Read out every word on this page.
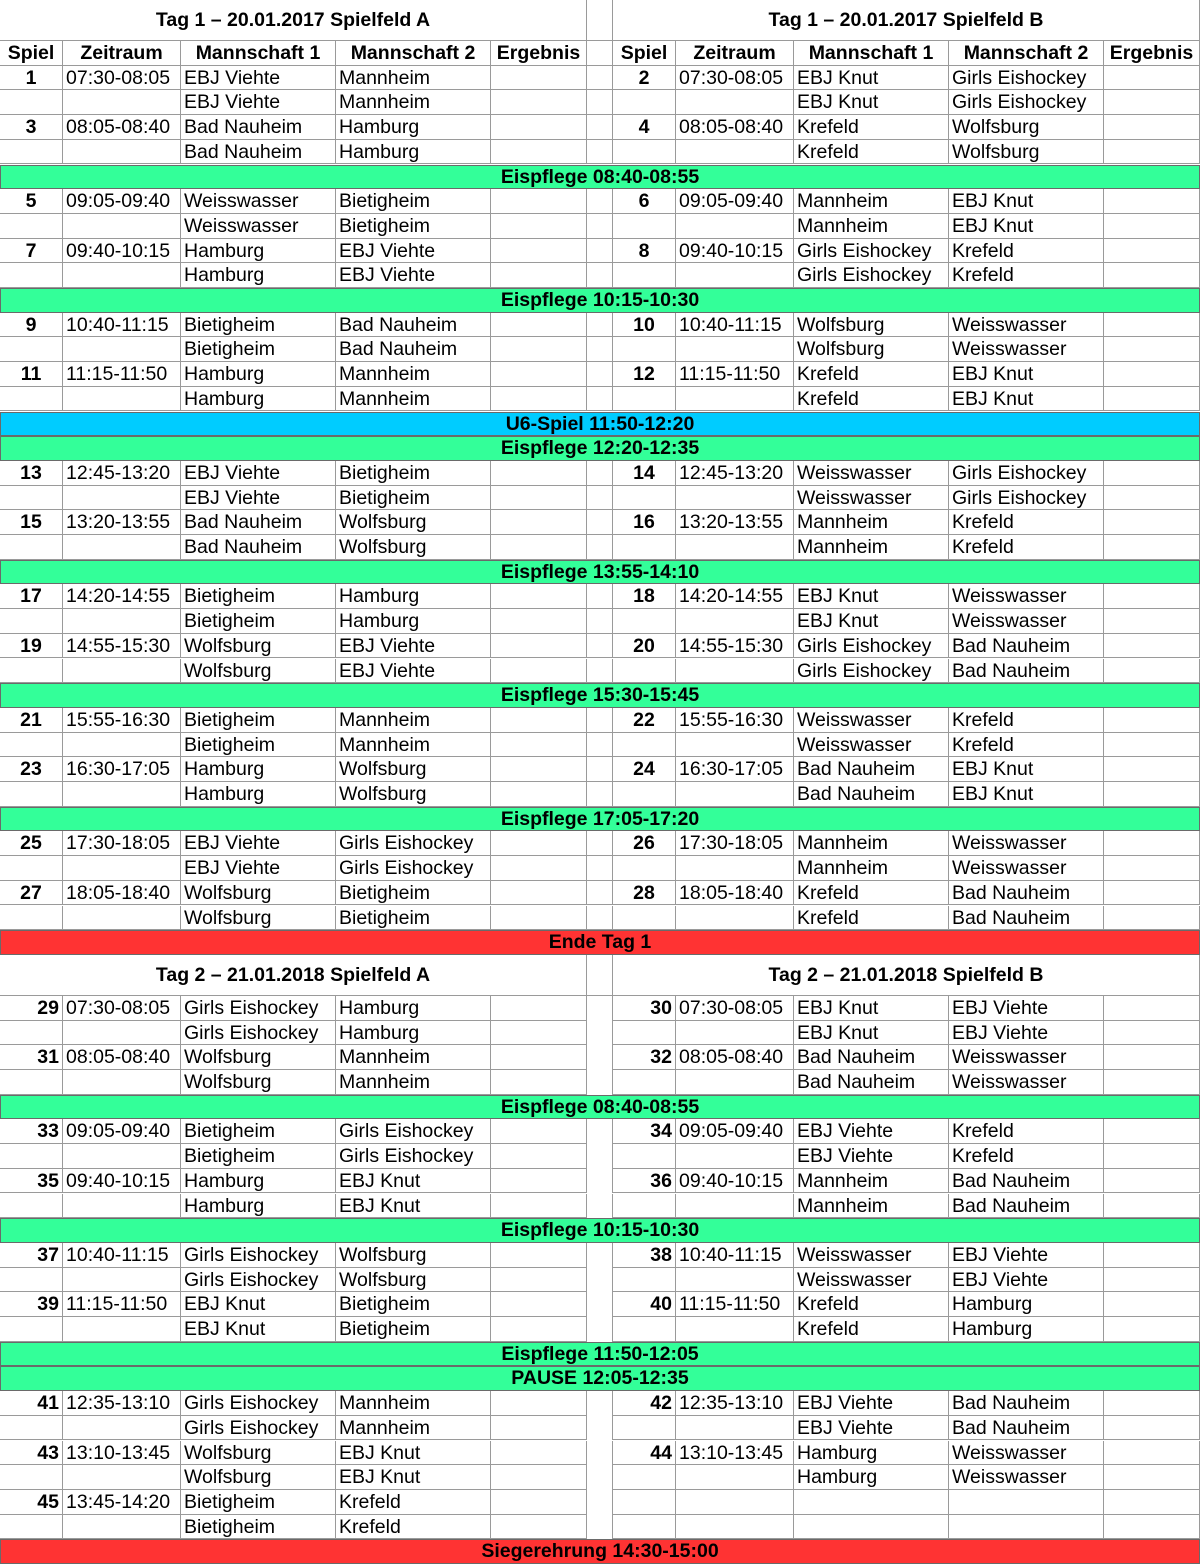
Tag 1 – 20.01.2017 Spielfeld A	Tag 1 – 20.01.2017 Spielfeld B
Spiel	Zeitraum	Mannschaft 1	Mannschaft 2	Ergebnis	Spiel	Zeitraum	Mannschaft 1	Mannschaft 2	Ergebnis
1	07:30-08:05 EBJ Viehte	Mannheim	2	07:30-08:05 EBJ Knut	Girls Eishockey
EBJ Viehte	Mannheim	EBJ Knut	Girls Eishockey
3	08:05-08:40 Bad Nauheim	Hamburg	4	08:05-08:40 Krefeld	Wolfsburg
Bad Nauheim	Hamburg	Krefeld	Wolfsburg
Eispflege 08:40-08:55
5	09:05-09:40 Weisswasser	Bietigheim	6	09:05-09:40 Mannheim	EBJ Knut
Weisswasser	Bietigheim	Mannheim	EBJ Knut
7	09:40-10:15 Hamburg	EBJ Viehte	8	09:40-10:15 Girls Eishockey	Krefeld
Hamburg	EBJ Viehte	Girls Eishockey	Krefeld
Eispflege 10:15-10:30
9	10:40-11:15 Bietigheim	Bad Nauheim	10	10:40-11:15 Wolfsburg	Weisswasser
Bietigheim	Bad Nauheim	Wolfsburg	Weisswasser
11	11:15-11:50 Hamburg	Mannheim	12	11:15-11:50 Krefeld	EBJ Knut
Hamburg	Mannheim	Krefeld	EBJ Knut
U6-Spiel 11:50-12:20
Eispflege 12:20-12:35
13	12:45-13:20 EBJ Viehte	Bietigheim	14	12:45-13:20 Weisswasser	Girls Eishockey
EBJ Viehte	Bietigheim	Weisswasser	Girls Eishockey
15	13:20-13:55 Bad Nauheim	Wolfsburg	16	13:20-13:55 Mannheim	Krefeld
Bad Nauheim	Wolfsburg	Mannheim	Krefeld
Eispflege 13:55-14:10
17	14:20-14:55 Bietigheim	Hamburg	18	14:20-14:55 EBJ Knut	Weisswasser
Bietigheim	Hamburg	EBJ Knut	Weisswasser
19	14:55-15:30 Wolfsburg	EBJ Viehte	20	14:55-15:30 Girls Eishockey	Bad Nauheim
Wolfsburg	EBJ Viehte	Girls Eishockey	Bad Nauheim
Eispflege 15:30-15:45
21	15:55-16:30 Bietigheim	Mannheim	22	15:55-16:30 Weisswasser	Krefeld
Bietigheim	Mannheim	Weisswasser	Krefeld
23	16:30-17:05 Hamburg	Wolfsburg	24	16:30-17:05 Bad Nauheim	EBJ Knut
Hamburg	Wolfsburg	Bad Nauheim	EBJ Knut
Eispflege 17:05-17:20
25	17:30-18:05 EBJ Viehte	Girls Eishockey	26	17:30-18:05 Mannheim	Weisswasser
EBJ Viehte	Girls Eishockey	Mannheim	Weisswasser
27	18:05-18:40 Wolfsburg	Bietigheim	28	18:05-18:40 Krefeld	Bad Nauheim
Wolfsburg	Bietigheim	Krefeld	Bad Nauheim
Ende Tag 1
Tag 2 – 21.01.2018 Spielfeld A	Tag 2 – 21.01.2018 Spielfeld B
29 07:30-08:05 Girls Eishockey	Hamburg	30 07:30-08:05 EBJ Knut	EBJ Viehte
Girls Eishockey	Hamburg	EBJ Knut	EBJ Viehte
31 08:05-08:40 Wolfsburg	Mannheim	32 08:05-08:40 Bad Nauheim	Weisswasser
Wolfsburg	Mannheim	Bad Nauheim	Weisswasser
Eispflege 08:40-08:55
33 09:05-09:40 Bietigheim	Girls Eishockey	34 09:05-09:40 EBJ Viehte	Krefeld
Bietigheim	Girls Eishockey	EBJ Viehte	Krefeld
35 09:40-10:15 Hamburg	EBJ Knut	36 09:40-10:15 Mannheim	Bad Nauheim
Hamburg	EBJ Knut	Mannheim	Bad Nauheim
Eispflege 10:15-10:30
37 10:40-11:15 Girls Eishockey	Wolfsburg	38 10:40-11:15 Weisswasser	EBJ Viehte
Girls Eishockey	Wolfsburg	Weisswasser	EBJ Viehte
39 11:15-11:50 EBJ Knut	Bietigheim	40 11:15-11:50 Krefeld	Hamburg
EBJ Knut	Bietigheim	Krefeld	Hamburg
Eispflege 11:50-12:05
PAUSE 12:05-12:35
41 12:35-13:10 Girls Eishockey	Mannheim	42 12:35-13:10 EBJ Viehte	Bad Nauheim
Girls Eishockey	Mannheim	EBJ Viehte	Bad Nauheim
43 13:10-13:45 Wolfsburg	EBJ Knut	44 13:10-13:45 Hamburg	Weisswasser
Wolfsburg	EBJ Knut	Hamburg	Weisswasser
45 13:45-14:20 Bietigheim	Krefeld
Bietigheim	Krefeld
Siegerehrung 14:30-15:00
